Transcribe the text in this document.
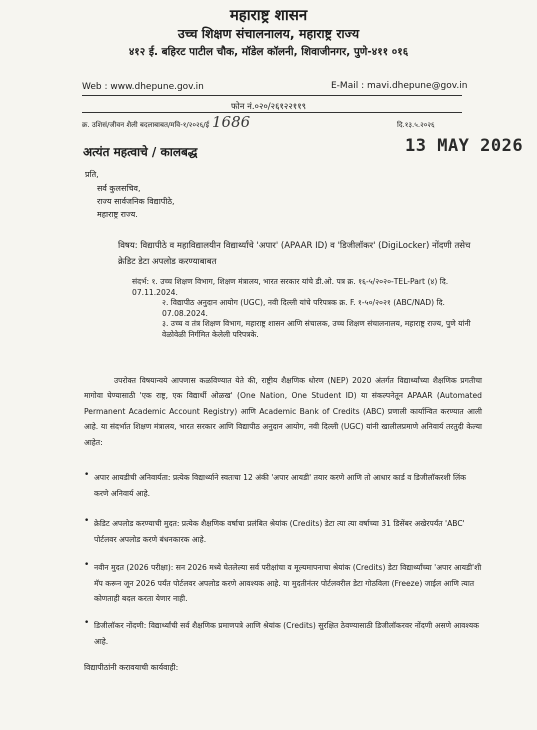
महाराष्ट्र शासन
उच्च शिक्षण संचालनालय, महाराष्ट्र राज्य
४१२ ई. बहिरट पाटील चौक, मॉडेल कॉलनी, शिवाजीनगर, पुणे-४११ ०१६
Web : www.dhepune.gov.in	E-Mail : mavi.dhepune@gov.in
फोन नं.०२०/२६१२२११९
क्र. उशिसं/जीवन शैली बदलाबाबत/मवि-१/२०२६/ई 1686	दि.१३.५.२०२६
अत्यंत महत्वाचे / कालबद्ध	13 MAY 2026
प्रति,
सर्व कुलसचिव,
राज्य सार्वजनिक विद्यापीठे,
महाराष्ट्र राज्य.
विषय: विद्यापीठे व महाविद्यालयीन विद्यार्थ्यांचे 'अपार' (APAAR ID) व 'डिजीलॉकर' (DigiLocker) नोंदणी तसेच क्रेडिट डेटा अपलोड करण्याबाबत
संदर्भ: १. उच्च शिक्षण विभाग, शिक्षण मंत्रालय, भारत सरकार यांचे डी.ओ. पत्र क्र. १६-५/२०२०-TEL-Part (४) दि. 07.11.2024.
२. विद्यापीठ अनुदान आयोग (UGC), नवी दिल्ली यांचे परिपत्रक क्र. F. १-५०/२०२१ (ABC/NAD) दि. 07.08.2024.
३. उच्च व तंत्र शिक्षण विभाग, महाराष्ट्र शासन आणि संचालक, उच्च शिक्षण संचालनालय, महाराष्ट्र राज्य, पुणे यांनी वेळोवेळी निर्गमित केलेली परिपत्रके.
उपरोक्त विषयान्वये आपणास कळविण्यात येते की, राष्ट्रीय शैक्षणिक धोरण (NEP) 2020 अंतर्गत विद्यार्थ्यांच्या शैक्षणिक प्रगतीचा मागोवा घेण्यासाठी 'एक राष्ट्र, एक विद्यार्थी ओळख' (One Nation, One Student ID) या संकल्पनेतून APAAR (Automated Permanent Academic Account Registry) आणि Academic Bank of Credits (ABC) प्रणाली कार्यान्वित करण्यात आली आहे. या संदर्भात शिक्षण मंत्रालय, भारत सरकार आणि विद्यापीठ अनुदान आयोग, नवी दिल्ली (UGC) यांनी खालीलप्रमाणे अनिवार्य तरतुदी केल्या आहेत:
• अपार आयडीची अनिवार्यता: प्रत्येक विद्यार्थ्याने स्वतःचा 12 अंकी 'अपार आयडी' तयार करणे आणि तो आधार कार्ड व डिजीलॉकरशी लिंक करणे अनिवार्य आहे.
• क्रेडिट अपलोड करण्याची मुदत: प्रत्येक शैक्षणिक वर्षाचा प्रलंबित श्रेयांक (Credits) डेटा त्या त्या वर्षाच्या 31 डिसेंबर अखेरपर्यंत 'ABC' पोर्टलवर अपलोड करणे बंधनकारक आहे.
• नवीन मुदत (2026 परीक्षा): सन 2026 मध्ये घेतलेल्या सर्व परीक्षांचा व मूल्यमापनाचा श्रेयांक (Credits) डेटा विद्यार्थ्यांच्या 'अपार आयडी'शी मॅप करून जून 2026 पर्यंत पोर्टलवर अपलोड करणे आवश्यक आहे. या मुदतीनंतर पोर्टलवरील डेटा गोठविला (Freeze) जाईल आणि त्यात कोणताही बदल करता येणार नाही.
• डिजीलॉकर नोंदणी: विद्यार्थ्यांची सर्व शैक्षणिक प्रमाणपत्रे आणि श्रेयांक (Credits) सुरक्षित ठेवण्यासाठी डिजीलॉकरवर नोंदणी असणे आवश्यक आहे.
विद्यापीठांनी करावयाची कार्यवाही:
